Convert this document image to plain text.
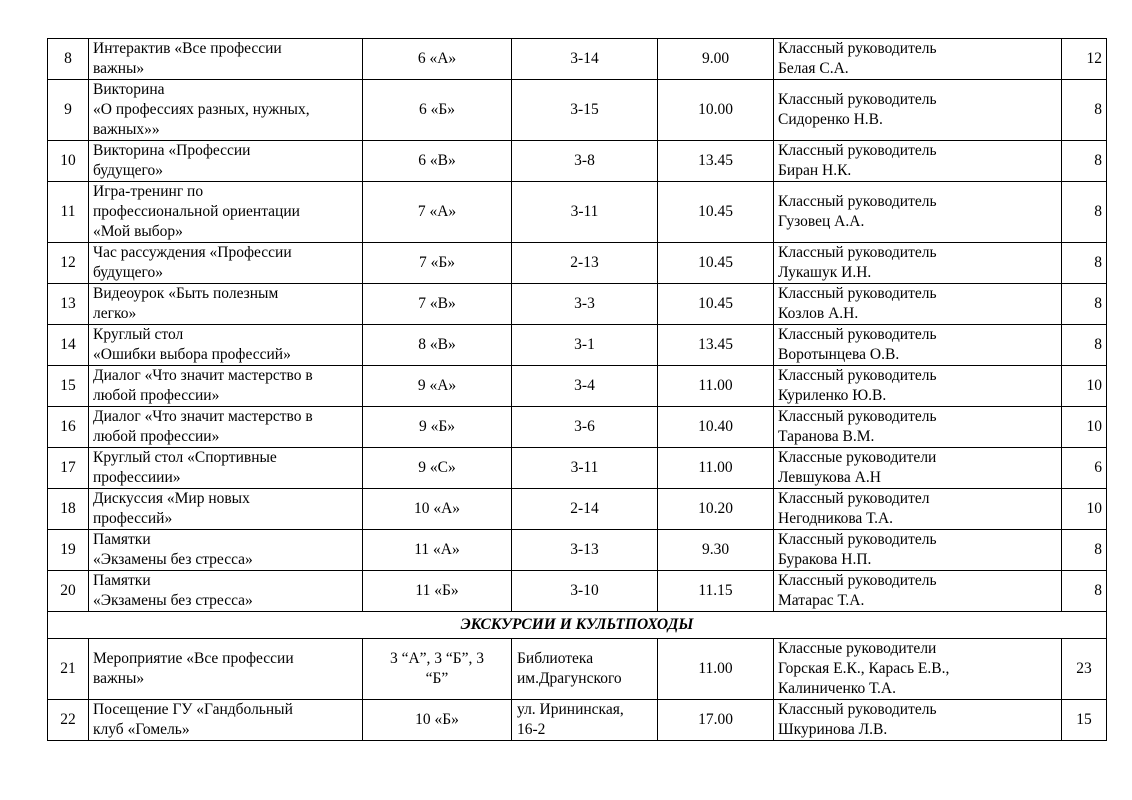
8	Интерактив «Все профессии
важны»	6 «А»	3-14	9.00	Классный руководитель
Белая С.А.	12
9	Викторина
«О профессиях разных, нужных,
важных»»	6 «Б»	3-15	10.00	Классный руководитель
Сидоренко Н.В.	8
10	Викторина «Профессии
будущего»	6 «В»	3-8	13.45	Классный руководитель
Биран Н.К.	8
11	Игра-тренинг по
профессиональной ориентации
«Мой выбор»	7 «А»	3-11	10.45	Классный руководитель
Гузовец А.А.	8
12	Час рассуждения «Профессии
будущего»	7 «Б»	2-13	10.45	Классный руководитель
Лукашук И.Н.	8
13	Видеоурок «Быть полезным
легко»	7 «В»	3-3	10.45	Классный руководитель
Козлов А.Н.	8
14	Круглый стол
«Ошибки выбора профессий»	8 «В»	3-1	13.45	Классный руководитель
Воротынцева О.В.	8
15	Диалог «Что значит мастерство в
любой профессии»	9 «А»	3-4	11.00	Классный руководитель
Куриленко Ю.В.	10
16	Диалог «Что значит мастерство в
любой профессии»	9 «Б»	3-6	10.40	Классный руководитель
Таранова В.М.	10
17	Круглый стол «Спортивные
профессиии»	9 «С»	3-11	11.00	Классные руководители
Левшукова А.Н	6
18	Дискуссия «Мир новых
профессий»	10 «А»	2-14	10.20	Классный руководител
Негодникова Т.А.	10
19	Памятки
«Экзамены без стресса»	11 «А»	3-13	9.30	Классный руководитель
Буракова Н.П.	8
20	Памятки
«Экзамены без стресса»	11 «Б»	3-10	11.15	Классный руководитель
Матарас Т.А.	8
ЭКСКУРСИИ И КУЛЬТПОХОДЫ						
21	Мероприятие «Все профессии
важны»	3 “А”, 3 “Б”, 3
“Б”	Библиотека
им.Драгунского	11.00	Классные руководители
Горская Е.К., Карась Е.В.,
Калиниченко Т.А.	23
22	Посещение ГУ «Гандбольный
клуб «Гомель»	10 «Б»	ул. Ирининская,
16-2	17.00	Классный руководитель
Шкуринова Л.В.	15
